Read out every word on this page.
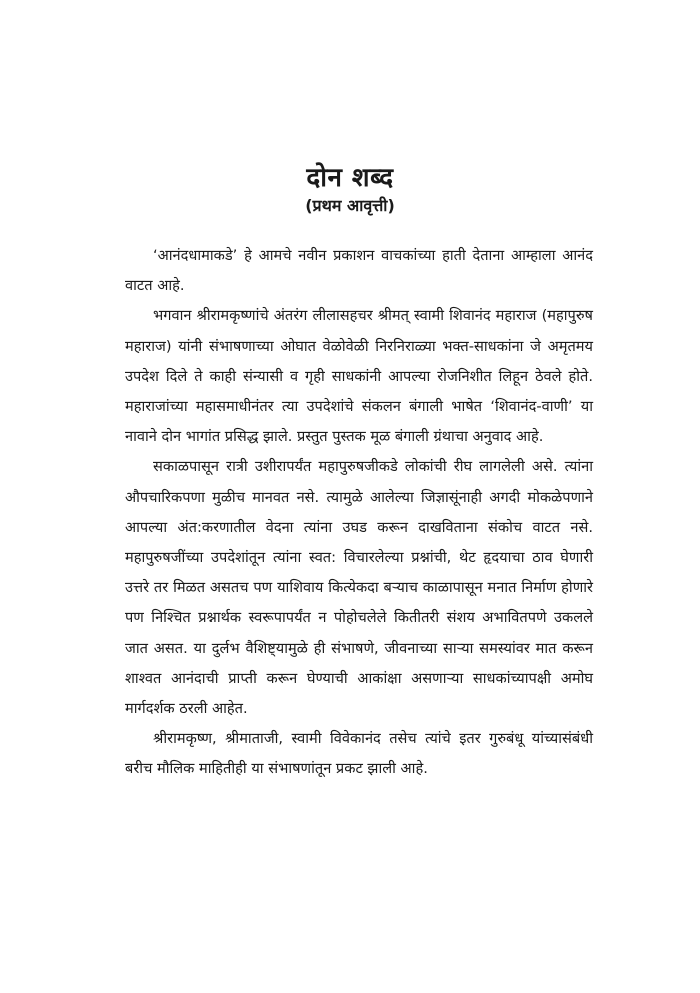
दोन शब्द
(प्रथम आवृत्ती)

‘आनंदधामाकडे’ हे आमचे नवीन प्रकाशन वाचकांच्या हाती देताना आम्हाला आनंद वाटत आहे.

भगवान श्रीरामकृष्णांचे अंतरंग लीलासहचर श्रीमत् स्वामी शिवानंद महाराज (महापुरुष महाराज) यांनी संभाषणाच्या ओघात वेळोवेळी निरनिराळ्या भक्त-साधकांना जे अमृतमय उपदेश दिले ते काही संन्यासी व गृही साधकांनी आपल्या रोजनिशीत लिहून ठेवले होते. महाराजांच्या महासमाधीनंतर त्या उपदेशांचे संकलन बंगाली भाषेत ‘शिवानंद-वाणी’ या नावाने दोन भागांत प्रसिद्ध झाले. प्रस्तुत पुस्तक मूळ बंगाली ग्रंथाचा अनुवाद आहे.

सकाळपासून रात्री उशीरापर्यंत महापुरुषजीकडे लोकांची रीघ लागलेली असे. त्यांना औपचारिकपणा मुळीच मानवत नसे. त्यामुळे आलेल्या जिज्ञासूंनाही अगदी मोकळेपणाने आपल्या अंत:करणातील वेदना त्यांना उघड करून दाखविताना संकोच वाटत नसे. महापुरुषजींच्या उपदेशांतून त्यांना स्वत: विचारलेल्या प्रश्नांची, थेट हृदयाचा ठाव घेणारी उत्तरे तर मिळत असतच पण याशिवाय कित्येकदा बऱ्याच काळापासून मनात निर्माण होणारे पण निश्चित प्रश्नार्थक स्वरूपापर्यंत न पोहोचलेले कितीतरी संशय अभावितपणे उकलले जात असत. या दुर्लभ वैशिष्ट्यामुळे ही संभाषणे, जीवनाच्या साऱ्या समस्यांवर मात करून शाश्वत आनंदाची प्राप्ती करून घेण्याची आकांक्षा असणाऱ्या साधकांच्यापक्षी अमोघ मार्गदर्शक ठरली आहेत.

श्रीरामकृष्ण, श्रीमाताजी, स्वामी विवेकानंद तसेच त्यांचे इतर गुरुबंधू यांच्यासंबंधी बरीच मौलिक माहितीही या संभाषणांतून प्रकट झाली आहे.
